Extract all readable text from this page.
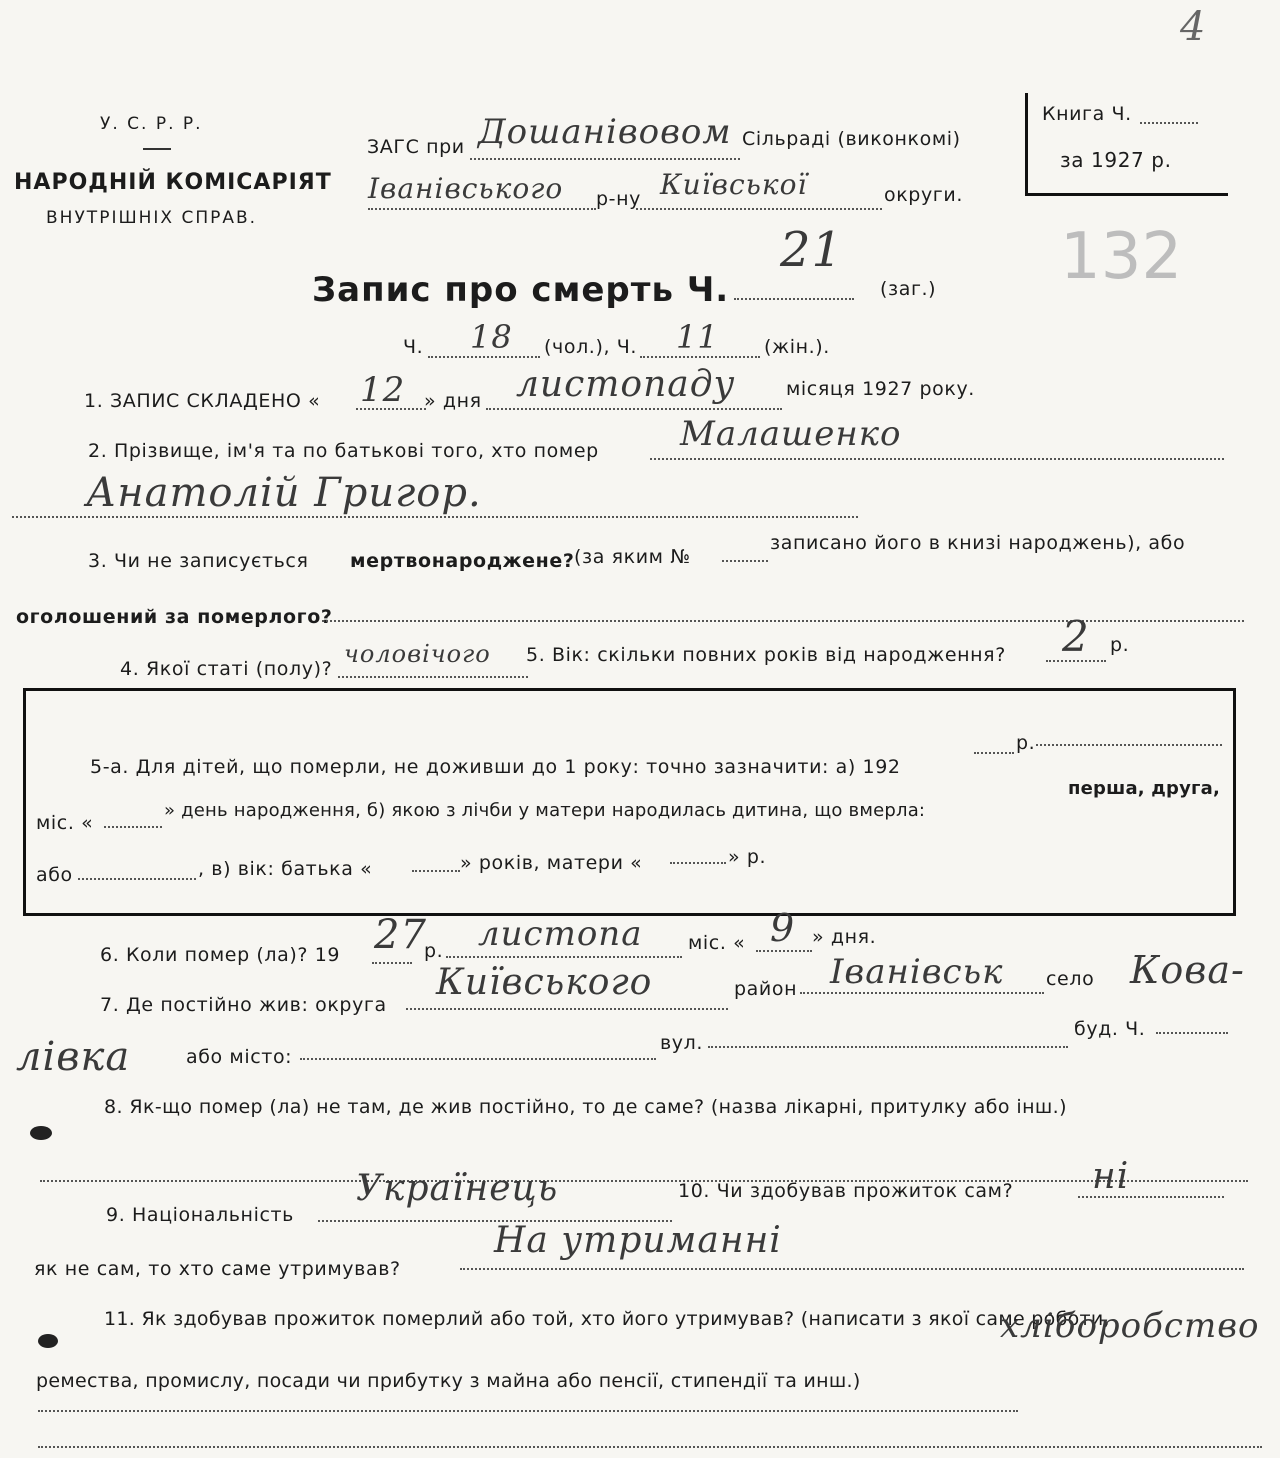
4
132
У. С. Р. Р.
НАРОДНІЙ КОМІСАРІЯТ
ВНУТРІШНІХ СПРАВ.
Книга Ч.
за 1927 р.
ЗАГС при Дошанівовом Сільраді (виконкомі)
Іванівського р-ну Київської	округи.
Запис про смерть Ч.
21
(заг.)
Ч. 18 (чол.), Ч. 11 (жін.).
1. ЗАПИС СКЛАДЕНО « 12 » дня листопаду	місяця 1927 року.
2. Прізвище, ім'я та по батькові того, хто помер Малашенко
Анатолій Григор.
3. Чи не записується мертвонароджене? (за яким №
записано його в книзі народжень), або
оголошений за померлого?
4. Якої статі (полу)?
чоловічого 5. Вік: скільки повних років від народження? 2 р.
5-а. Для дітей, що померли, не доживши до 1 року: точно зазначити: а) 192
р.
міс. «
» день народження, б) якою з лічби у матери народилась дитина, що вмерла:
перша, друга,
або	, в) вік: батька «	» років, матери «	» р.
6. Коли помер (ла)? 19 27
р. листопа міс. « 9 » дня.
7. Де постійно жив: округа
Київського	район Іванівськ село Кова-
лівка	або місто:
вул.
буд. Ч.
8. Як-що помер (ла) не там, де жив постійно, то де саме? (назва лікарні, притулку або інш.)
9. Національність
Українець	10. Чи здобував прожиток сам? ні
як не сам, то хто саме утримував?
На утриманні
11. Як здобував прожиток померлий або той, хто його утримував? (написати з якої саме роботи,
ремества, промислу, посади чи прибутку з майна або пенсії, стипендії та инш.)
хліборобство
